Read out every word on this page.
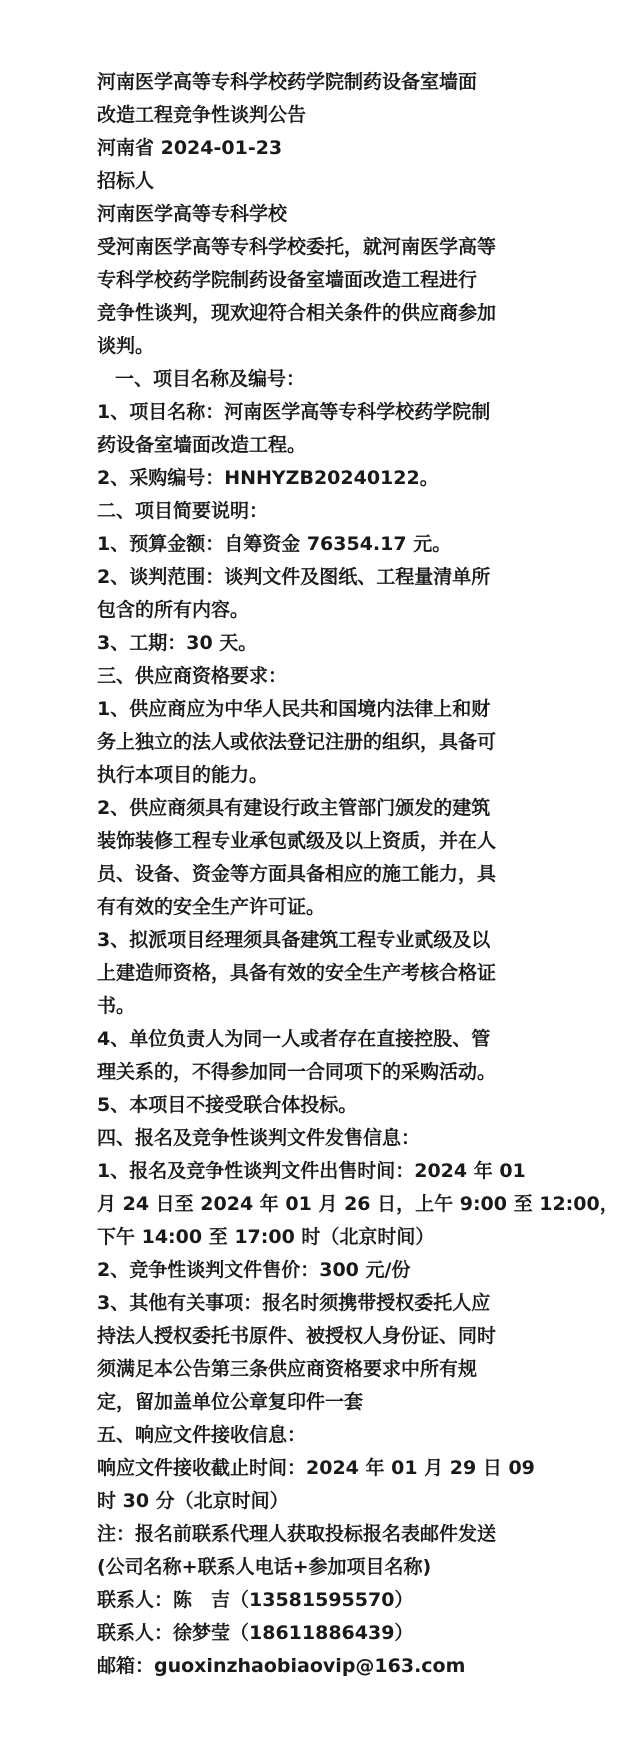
河南医学高等专科学校药学院制药设备室墙面
改造工程竞争性谈判公告
河南省 2024-01-23
招标人
河南医学高等专科学校
受河南医学高等专科学校委托，就河南医学高等
专科学校药学院制药设备室墙面改造工程进行
竞争性谈判，现欢迎符合相关条件的供应商参加
谈判。
一、项目名称及编号：
1、项目名称：河南医学高等专科学校药学院制
药设备室墙面改造工程。
2、采购编号：HNHYZB20240122。
二、项目简要说明：
1、预算金额：自筹资金 76354.17 元。
2、谈判范围：谈判文件及图纸、工程量清单所
包含的所有内容。
3、工期：30 天。
三、供应商资格要求：
1、供应商应为中华人民共和国境内法律上和财
务上独立的法人或依法登记注册的组织，具备可
执行本项目的能力。
2、供应商须具有建设行政主管部门颁发的建筑
装饰装修工程专业承包贰级及以上资质，并在人
员、设备、资金等方面具备相应的施工能力，具
有有效的安全生产许可证。
3、拟派项目经理须具备建筑工程专业贰级及以
上建造师资格，具备有效的安全生产考核合格证
书。
4、单位负责人为同一人或者存在直接控股、管
理关系的，不得参加同一合同项下的采购活动。
5、本项目不接受联合体投标。
四、报名及竞争性谈判文件发售信息：
1、报名及竞争性谈判文件出售时间：2024 年 01
月 24 日至 2024 年 01 月 26 日，上午 9:00 至 12:00，
下午 14:00 至 17:00 时（北京时间）
2、竞争性谈判文件售价：300 元/份
3、其他有关事项：报名时须携带授权委托人应
持法人授权委托书原件、被授权人身份证、同时
须满足本公告第三条供应商资格要求中所有规
定，留加盖单位公章复印件一套
五、响应文件接收信息：
响应文件接收截止时间：2024 年 01 月 29 日 09
时 30 分（北京时间）
注：报名前联系代理人获取投标报名表邮件发送
(公司名称+联系人电话+参加项目名称)
联系人：陈　吉（13581595570）
联系人：徐梦莹（18611886439）
邮箱：guoxinzhaobiaovip@163.com
